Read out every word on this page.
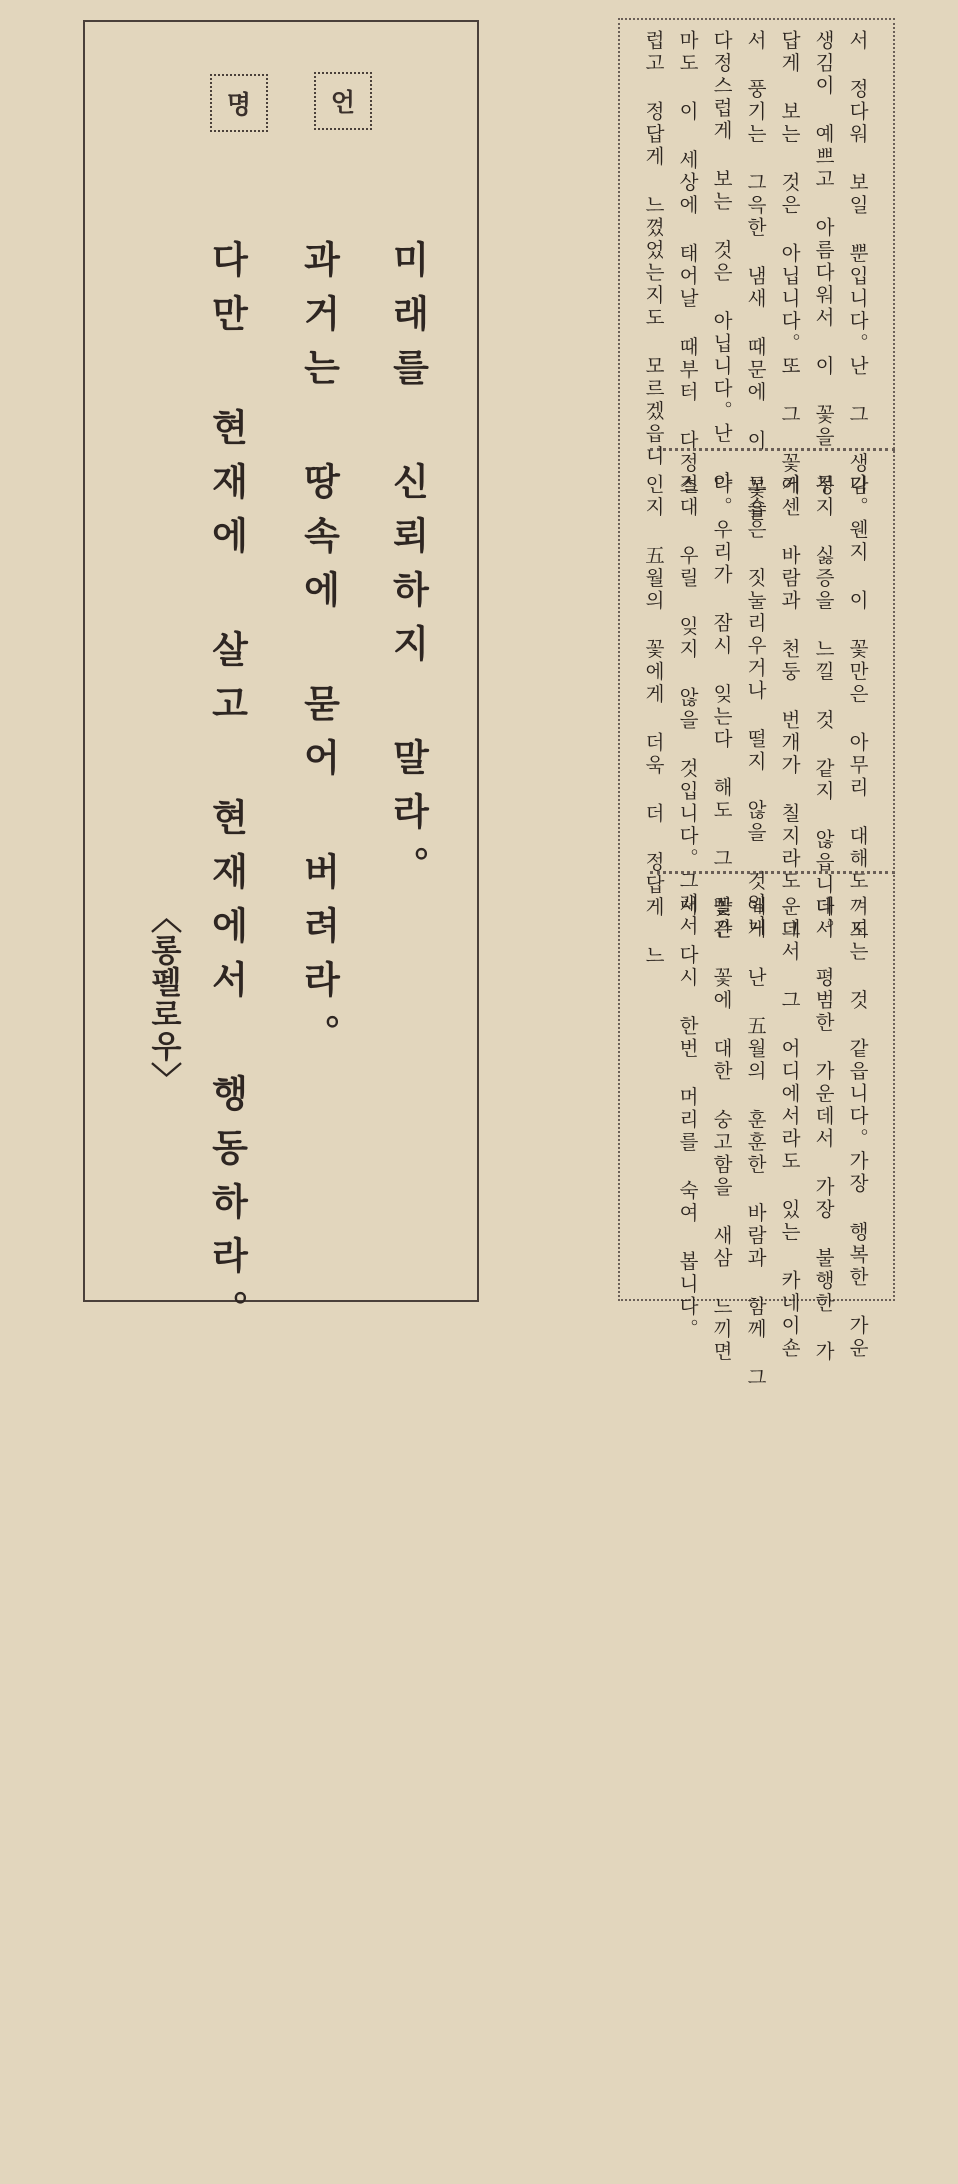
언
명
미래를 신뢰하지 말라。
과거는 땅속에 묻어 버려라。
다만 현재에 살고 현재에서 행동하라。
〈롱펠로우〉
서 정다워 보일 뿐입니다。난 그 생김
생김이 예쁘고 아름다워서 이 꽃을 정
답게 보는 것은 아닙니다。또 그 꽃에
서 풍기는 그윽한 냄새 때문에 이 꽃을
다정스럽게 보는 것은 아닙니다。난 아
마도 이 세상에 태어날 때부터 다정스
럽고 정답게 느꼈었는지도 모르겠읍니
다。웬지 이 꽃만은 아무리 대해도 도
무지 싫증을 느낄 것 같지 않읍니다。
거센 바람과 천둥 번개가 칠지라도 그
모습은 짓눌리우거나 떨지 않을 것입니
다。우리가 잠시 잊는다 해도 그 꽃은
절대 우릴 잊지 않을 것입니다。그래서
인지 五월의 꽃에게 더욱 더 정답게 느
껴지는 것 같읍니다。가장 행복한 가운
데서 평범한 가운데서 가장 불행한 가
운데서 그 어디에서라도 있는 카네이숀
에게 난 五월의 훈훈한 바람과 함께 그
빨간 꽃에 대한 숭고함을 새삼 느끼면
서 다시 한번 머리를 숙여 봅니다。
